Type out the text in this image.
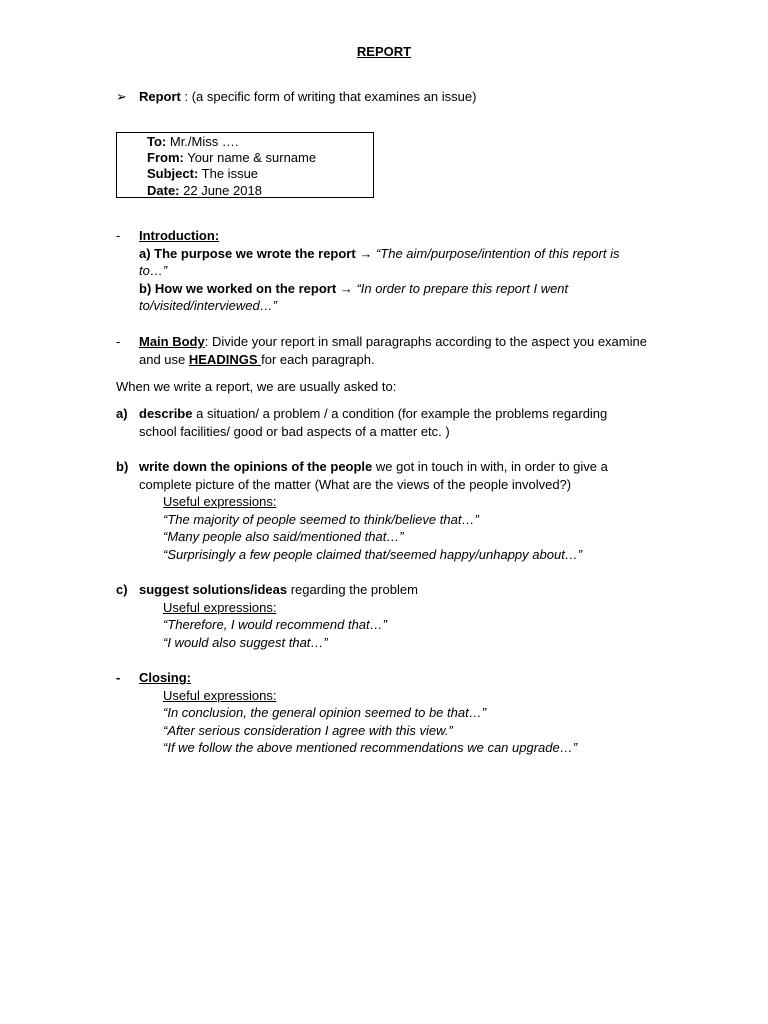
REPORT
➢ Report : (a specific form of writing that examines an issue)
To: Mr./Miss ….
From: Your name & surname
Subject: The issue
Date: 22 June 2018
- Introduction:
a) The purpose we wrote the report → “The aim/purpose/intention of this report is
to…”
b) How we worked on the report → “In order to prepare this report I went
to/visited/interviewed…”
- Main Body: Divide your report in small paragraphs according to the aspect you examine
and use HEADINGS for each paragraph.
When we write a report, we are usually asked to:
a) describe a situation/ a problem / a condition (for example the problems regarding
school facilities/ good or bad aspects of a matter etc. )
b) write down the opinions of the people we got in touch in with, in order to give a
complete picture of the matter (What are the views of the people involved?)
Useful expressions:
“The majority of people seemed to think/believe that…”
“Many people also said/mentioned that…”
“Surprisingly a few people claimed that/seemed happy/unhappy about…”
c) suggest solutions/ideas regarding the problem
Useful expressions:
“Therefore, I would recommend that…”
“I would also suggest that…”
- Closing:
Useful expressions:
“In conclusion, the general opinion seemed to be that…”
“After serious consideration I agree with this view.”
“If we follow the above mentioned recommendations we can upgrade…”
